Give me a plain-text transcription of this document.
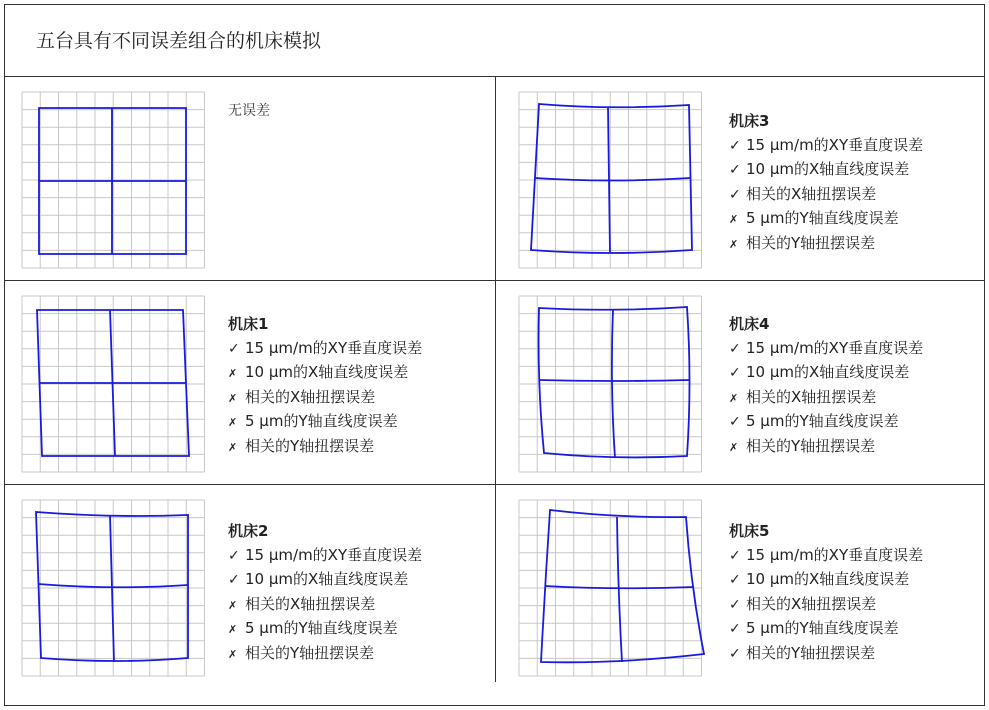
五台具有不同误差组合的机床模拟
无误差
机床3
✓ 15 µm/m的XY垂直度误差
✓ 10 µm的X轴直线度误差
✓ 相关的X轴扭摆误差
✗ 5 µm的Y轴直线度误差
✗ 相关的Y轴扭摆误差
机床1
✓ 15 µm/m的XY垂直度误差
✗ 10 µm的X轴直线度误差
✗ 相关的X轴扭摆误差
✗ 5 µm的Y轴直线度误差
✗ 相关的Y轴扭摆误差
机床4
✓ 15 µm/m的XY垂直度误差
✓ 10 µm的X轴直线度误差
✗ 相关的X轴扭摆误差
✓ 5 µm的Y轴直线度误差
✗ 相关的Y轴扭摆误差
机床2
✓ 15 µm/m的XY垂直度误差
✓ 10 µm的X轴直线度误差
✗ 相关的X轴扭摆误差
✗ 5 µm的Y轴直线度误差
✗ 相关的Y轴扭摆误差
机床5
✓ 15 µm/m的XY垂直度误差
✓ 10 µm的X轴直线度误差
✓ 相关的X轴扭摆误差
✓ 5 µm的Y轴直线度误差
✓ 相关的Y轴扭摆误差
